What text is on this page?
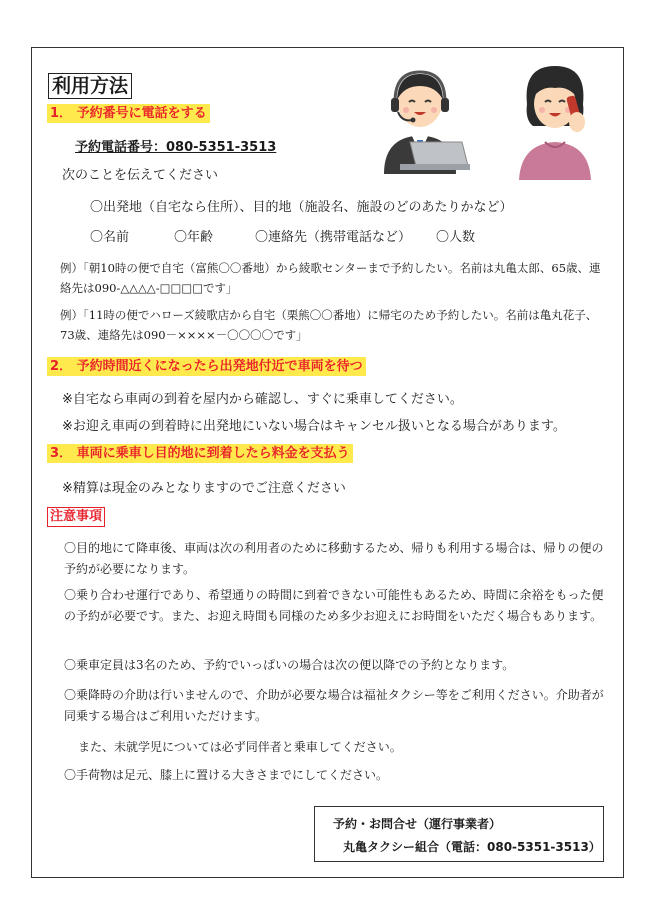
利用方法
1． 予約番号に電話をする
予約電話番号：080-5351-3513
次のことを伝えてください
〇出発地（自宅なら住所）、目的地（施設名、施設のどのあたりかなど）
〇名前	〇年齢	〇連絡先（携帯電話など） 〇人数
例）「朝10時の便で自宅（富熊〇〇番地）から綾歌センターまで予約したい。名前は丸亀太郎、65歳、連絡先は090-△△△△-□□□□です」
例）「11時の便でハローズ綾歌店から自宅（栗熊〇〇番地）に帰宅のため予約したい。名前は亀丸花子、73歳、連絡先は090－××××－〇〇〇〇です」
2． 予約時間近くになったら出発地付近で車両を待つ
※自宅なら車両の到着を屋内から確認し、すぐに乗車してください。
※お迎え車両の到着時に出発地にいない場合はキャンセル扱いとなる場合があります。
3． 車両に乗車し目的地に到着したら料金を支払う
※精算は現金のみとなりますのでご注意ください
注意事項
〇目的地にて降車後、車両は次の利用者のために移動するため、帰りも利用する場合は、帰りの便の予約が必要になります。
〇乗り合わせ運行であり、希望通りの時間に到着できない可能性もあるため、時間に余裕をもった便の予約が必要です。また、お迎え時間も同様のため多少お迎えにお時間をいただく場合もあります。
〇乗車定員は3名のため、予約でいっぱいの場合は次の便以降での予約となります。
〇乗降時の介助は行いませんので、介助が必要な場合は福祉タクシー等をご利用ください。介助者が同乗する場合はご利用いただけます。
また、未就学児については必ず同伴者と乗車してください。
〇手荷物は足元、膝上に置ける大きさまでにしてください。
予約・お問合せ（運行事業者）
丸亀タクシー組合（電話：080-5351-3513）
